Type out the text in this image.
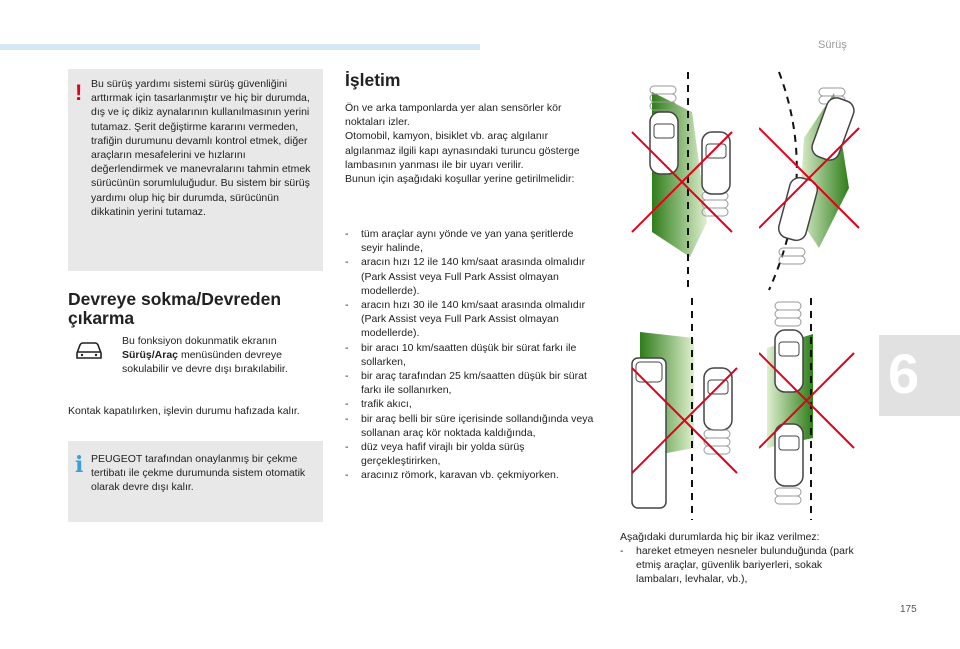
Sürüş
6
! Bu sürüş yardımı sistemi sürüş güvenliğini arttırmak için tasarlanmıştır ve hiç bir durumda, dış ve iç dikiz aynalarının kullanılmasının yerini tutamaz. Şerit değiştirme kararını vermeden, trafiğin durumunu devamlı kontrol etmek, diğer araçların mesafelerini ve hızlarını değerlendirmek ve manevralarını tahmin etmek sürücünün sorumluluğudur. Bu sistem bir sürüş yardımı olup hiç bir durumda, sürücünün dikkatinin yerini tutamaz.

Devreye sokma/Devreden çıkarma

Bu fonksiyon dokunmatik ekranın Sürüş/Araç menüsünden devreye sokulabilir ve devre dışı bırakılabilir.

Kontak kapatılırken, işlevin durumu hafızada kalır.

i PEUGEOT tarafından onaylanmış bir çekme tertibatı ile çekme durumunda sistem otomatik olarak devre dışı kalır.

İşletim

Ön ve arka tamponlarda yer alan sensörler kör noktaları izler.
Otomobil, kamyon, bisiklet vb. araç algılanır algılanmaz ilgili kapı aynasındaki turuncu gösterge lambasının yanması ile bir uyarı verilir.
Bunun için aşağıdaki koşullar yerine getirilmelidir:

- tüm araçlar aynı yönde ve yan yana şeritlerde seyir halinde,
- aracın hızı 12 ile 140 km/saat arasında olmalıdır (Park Assist veya Full Park Assist olmayan modellerde).
- aracın hızı 30 ile 140 km/saat arasında olmalıdır (Park Assist veya Full Park Assist olmayan modellerde).
- bir aracı 10 km/saatten düşük bir sürat farkı ile sollarken,
- bir araç tarafından 25 km/saatten düşük bir sürat farkı ile sollanırken,
- trafik akıcı,
- bir araç belli bir süre içerisinde sollandığında veya sollanan araç kör noktada kaldığında,
- düz veya hafif virajlı bir yolda sürüş gerçekleştirirken,
- aracınız römork, karavan vb. çekmiyorken.

Aşağıdaki durumlarda hiç bir ikaz verilmez:

- hareket etmeyen nesneler bulunduğunda (park etmiş araçlar, güvenlik bariyerleri, sokak lambaları, levhalar, vb.),
175
